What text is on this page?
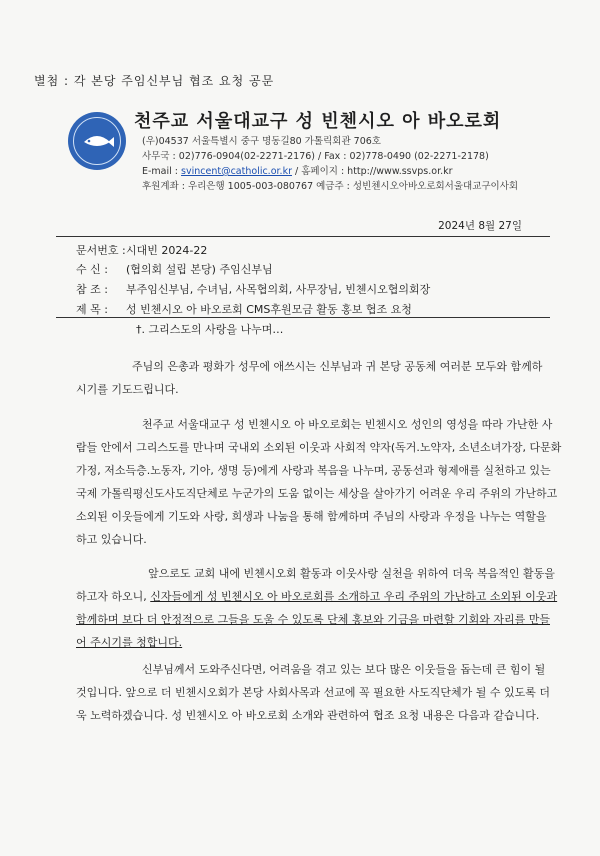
별첨 : 각 본당 주임신부님 협조 요청 공문
천주교 서울대교구 성 빈첸시오 아 바오로회
(우)04537 서울특별시 중구 명동길80 가톨릭회관 706호
사무국 : 02)776-0904(02-2271-2176) / Fax : 02)778-0490 (02-2271-2178)
E-mail : svincent@catholic.or.kr / 홈페이지 : http://www.ssvps.or.kr
후원계좌 : 우리은행 1005-003-080767 예금주 : 성빈첸시오아바오로회서울대교구이사회
2024년 8월 27일
문서번호 :시대빈 2024-22
수 신 : (협의회 설립 본당) 주임신부님
참 조 : 부주임신부님, 수녀님, 사목협의회, 사무장님, 빈첸시오협의회장
제 목 : 성 빈첸시오 아 바오로회 CMS후원모금 활동 홍보 협조 요청
†. 그리스도의 사랑을 나누며…

주님의 은총과 평화가 성무에 애쓰시는 신부님과 귀 본당 공동체 여러분 모두와 함께하

시기를 기도드립니다.

천주교 서울대교구 성 빈첸시오 아 바오로회는 빈첸시오 성인의 영성을 따라 가난한 사

람들 안에서 그리스도를 만나며 국내외 소외된 이웃과 사회적 약자(독거.노약자, 소년소녀가장, 다문화

가정, 저소득층.노동자, 기아, 생명 등)에게 사랑과 복음을 나누며, 공동선과 형제애를 실천하고 있는

국제 가톨릭평신도사도직단체로 누군가의 도움 없이는 세상을 살아가기 어려운 우리 주위의 가난하고

소외된 이웃들에게 기도와 사랑, 희생과 나눔을 통해 함께하며 주님의 사랑과 우정을 나누는 역할을

하고 있습니다.

앞으로도 교회 내에 빈첸시오회 활동과 이웃사랑 실천을 위하여 더욱 복음적인 활동을

하고자 하오니, 신자들에게 성 빈첸시오 아 바오로회를 소개하고 우리 주위의 가난하고 소외된 이웃과

함께하며 보다 더 안정적으로 그들을 도울 수 있도록 단체 홍보와 기금을 마련할 기회와 자리를 만들

어 주시기를 청합니다.

신부님께서 도와주신다면, 어려움을 겪고 있는 보다 많은 이웃들을 돕는데 큰 힘이 될

것입니다. 앞으로 더 빈첸시오회가 본당 사회사목과 선교에 꼭 필요한 사도직단체가 될 수 있도록 더

욱 노력하겠습니다. 성 빈첸시오 아 바오로회 소개와 관련하여 협조 요청 내용은 다음과 같습니다.
